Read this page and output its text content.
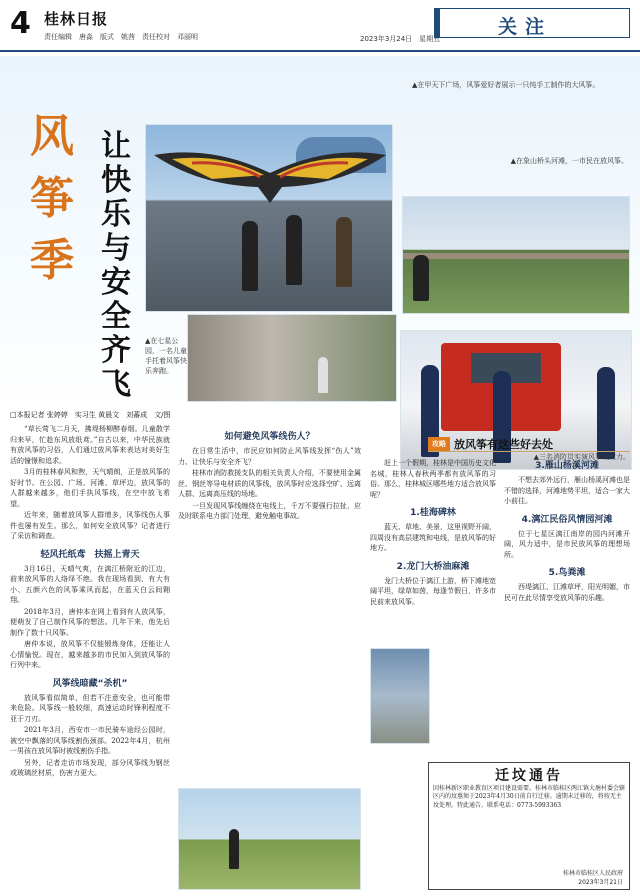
4 桂林日报
责任编辑　唐淼　版式　姚茜　责任校对　邓丽明	2023年3月24日　星期五
关注
风
筝
季
让
快
乐
与
安
全
齐
飞
▲在甲天下广场，风筝爱好者展示一只纯手工制作的大风筝。
▲在象山桥头河滩，一市民在放风筝。
▲在七星公园，一名儿童手托着风筝快乐奔跑。
▲三名消防员实演风筝线威力。
□本报记者 张婷婷　实习生 黄晨文　刘蕃成　文/图

“草长莺飞二月天，拂堤杨柳醉春烟。儿童散学归来早，忙趁东风放纸鸢。”自古以来，中华民族就有放风筝的习俗，人们通过放风筝来表达对美好生活的憧憬和追求。

3月的桂林春风和煦，天气晴朗，正是放风筝的好时节。在公园、广场、河滩、草坪边，放风筝的人群越来越多，他们手执风筝线，在空中放飞希望。

近年来，随着放风筝人群增多，风筝线伤人事件也屡有发生。那么，如何安全放风筝？记者进行了采访和调查。

轻风托纸鸢　扶摇上青天

3月16日，天晴气爽，在漓江桥附近的江边，前来放风筝的人络绎不绝。我在现场看到，有大有小、五颜六色的风筝乘风而起，在蓝天白云间翱翔。

2018年3月，唐仲本在网上看到有人放风筝，便萌发了自己制作风筝的想法。几年下来，他先后制作了数十只风筝。

唐仲本说，放风筝不仅能锻炼身体，还能让人心情愉悦。现在，越来越多的市民加入到放风筝的行列中来。

风筝线暗藏“杀机”

放风筝看似简单，但若不注意安全，也可能带来危险。风筝线一般较细，高速运动时锋利程度不亚于刀刃。

2021年3月，西安市一市民骑车途经公园时，被空中飘落的风筝线割伤颈部。2022年4月，杭州一男孩在放风筝时被线割伤手指。

另外，记者走访市场发现，部分风筝线为钢丝或玻璃丝材质，伤害力更大。

如何避免风筝线伤人？

在日常生活中，市民应如何防止风筝线发挥“伤人”效力、让快乐与安全齐飞？

桂林市消防救援支队的相关负责人介绍，不要使用金属丝、钢丝等导电材质的风筝线，放风筝时应选择空旷、远离人群、远离高压线的场地。

一旦发现风筝线缠绕在电线上，千万不要强行拉扯，应及时联系电力部门处理，避免触电事故。

攻略 放风筝有这些好去处

赶上一个假期，桂林是中国历史文化名城，桂林人春秋两季都有放风筝的习俗。那么，桂林城区哪些地方适合放风筝呢？

1.桂海碑林

蓝天、草地、美景，这里视野开阔，四周没有高层建筑和电线，是放风筝的好地方。

2.龙门大桥油麻滩

龙门大桥位于漓江上游，桥下滩地宽阔平坦，绿草如茵，每逢节假日，许多市民前来放风筝。

3.雁山杨溪河滩

不想去郊外远行，雁山杨溪河滩也是不错的选择，河滩地势平坦，适合一家大小前往。

4.漓江民俗风情园河滩

位于七星区漓江南岸的园内河滩开阔，风力适中，是市民放风筝的理想场所。

5.鸟粪滩

西堤漓江、江滩草坪，阳光明媚，市民可在此尽情享受放风筝的乐趣。

迁坟通告
因桂林新区职业教育区项目建设需要，桂林市临桂区两江镇大塘村委会辖区内的坟墓须于2023年4月30日前自行迁移。逾期未迁移的，将按无主坟处理。特此通告。联系电话：0773-5993363
桂林市临桂区人民政府
2023年3月21日
